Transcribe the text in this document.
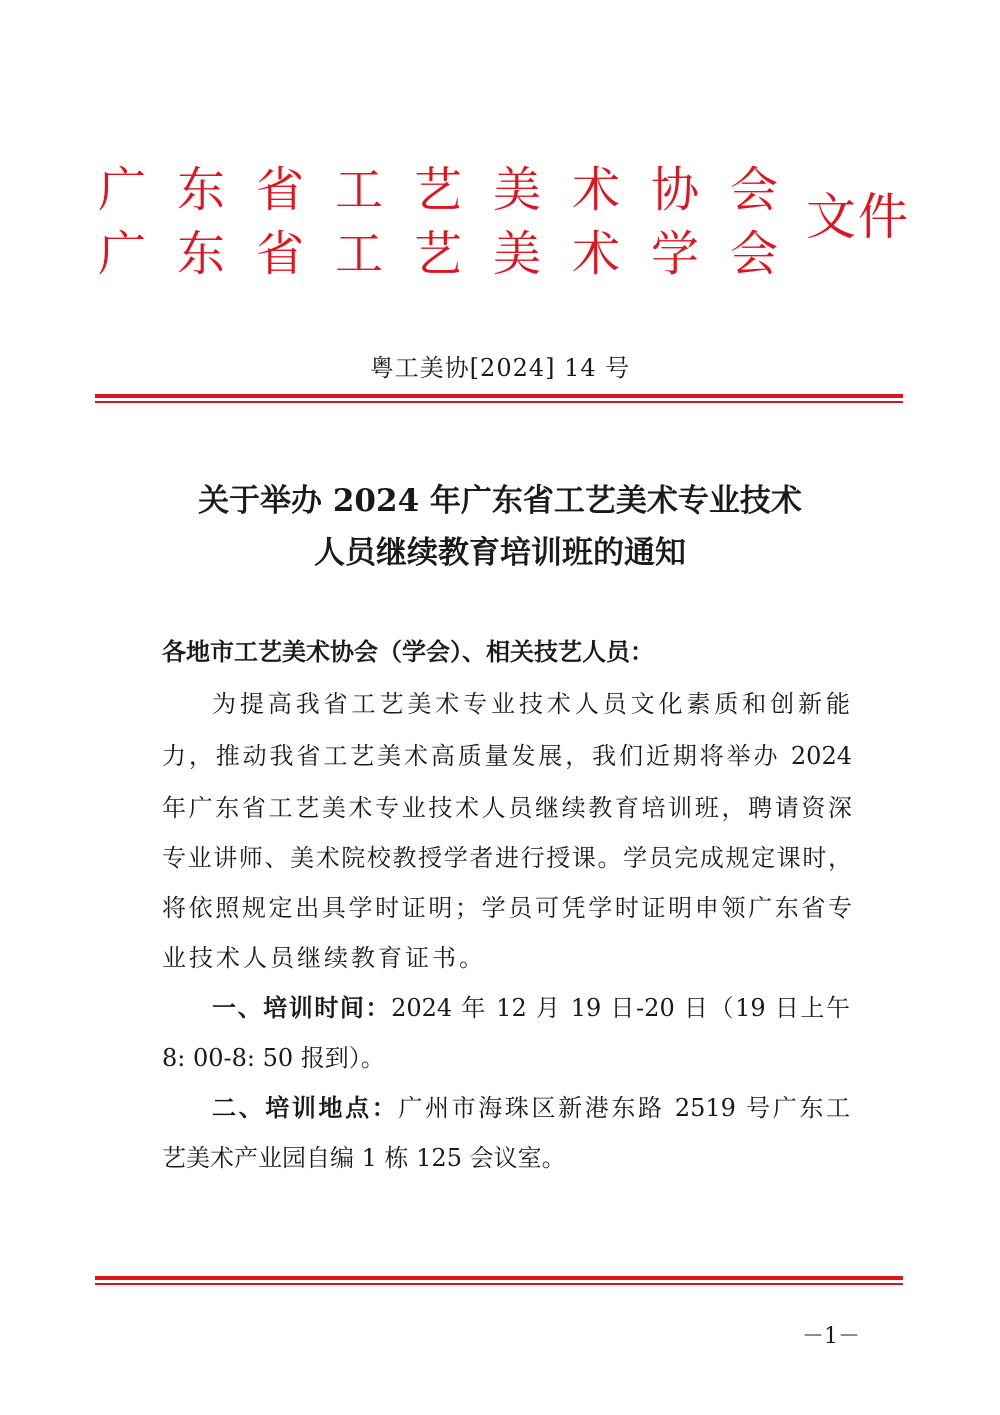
广东省工艺美术协会
广东省工艺美术学会
文件
粤工美协[2024] 14 号
关于举办 2024 年广东省工艺美术专业技术
人员继续教育培训班的通知
各地市工艺美术协会（学会）、相关技艺人员：
为提高我省工艺美术专业技术人员文化素质和创新能
力，推动我省工艺美术高质量发展，我们近期将举办 2024
年广东省工艺美术专业技术人员继续教育培训班，聘请资深
专业讲师、美术院校教授学者进行授课。学员完成规定课时，
将依照规定出具学时证明；学员可凭学时证明申领广东省专
业技术人员继续教育证书。
一、培训时间：2024 年 12 月 19 日-20 日（19 日上午
8: 00-8: 50 报到）。
二、培训地点：广州市海珠区新港东路 2519 号广东工
艺美术产业园自编 1 栋 125 会议室。
－1－
